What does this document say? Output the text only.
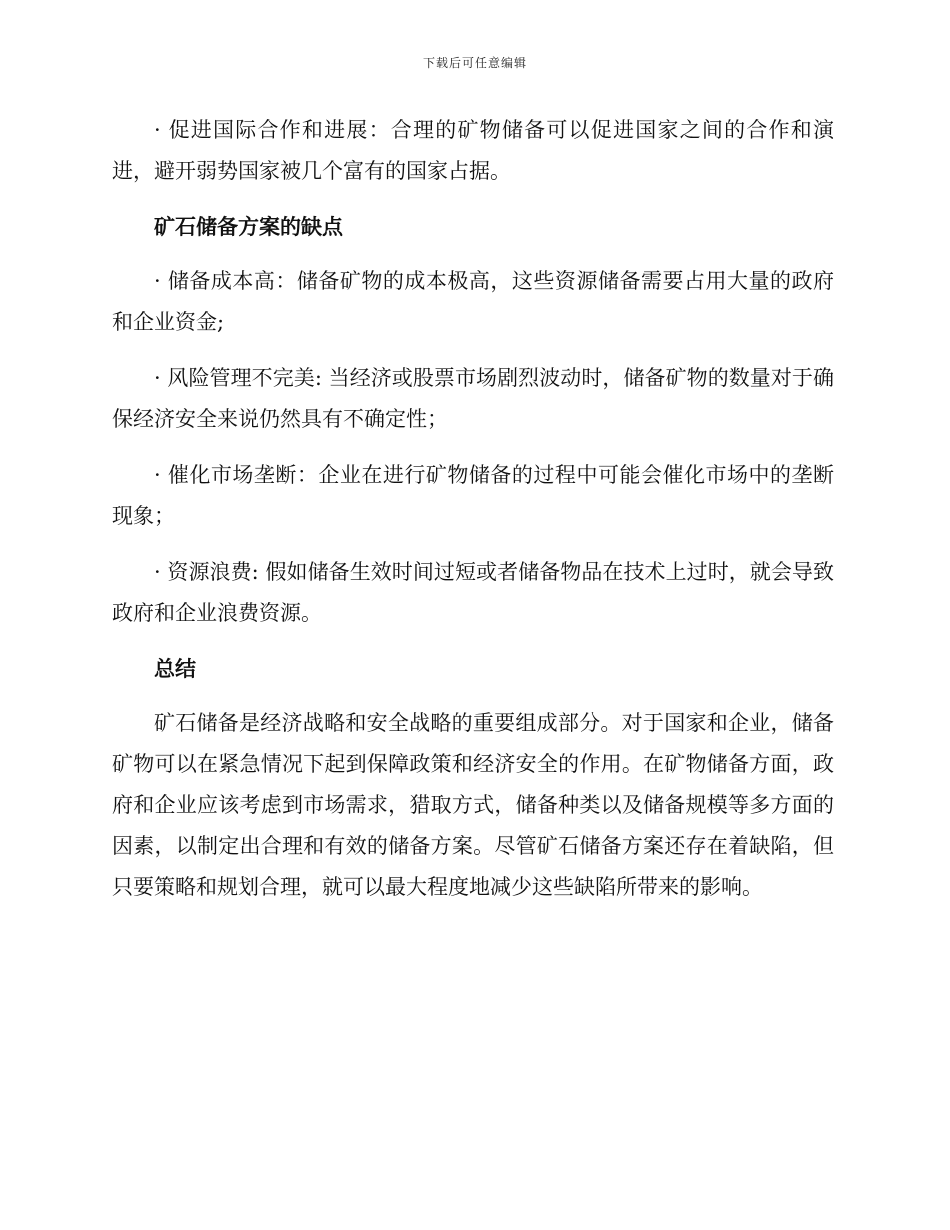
下载后可任意编辑

· 促进国际合作和进展：合理的矿物储备可以促进国家之间的合作和演进，避开弱势国家被几个富有的国家占据。

矿石储备方案的缺点

· 储备成本高：储备矿物的成本极高，这些资源储备需要占用大量的政府和企业资金;

· 风险管理不完美: 当经济或股票市场剧烈波动时，储备矿物的数量对于确保经济安全来说仍然具有不确定性；

· 催化市场垄断：企业在进行矿物储备的过程中可能会催化市场中的垄断现象；

· 资源浪费: 假如储备生效时间过短或者储备物品在技术上过时，就会导致政府和企业浪费资源。

总结

矿石储备是经济战略和安全战略的重要组成部分。对于国家和企业，储备矿物可以在紧急情况下起到保障政策和经济安全的作用。在矿物储备方面，政府和企业应该考虑到市场需求，猎取方式，储备种类以及储备规模等多方面的因素，以制定出合理和有效的储备方案。尽管矿石储备方案还存在着缺陷，但只要策略和规划合理，就可以最大程度地减少这些缺陷所带来的影响。
